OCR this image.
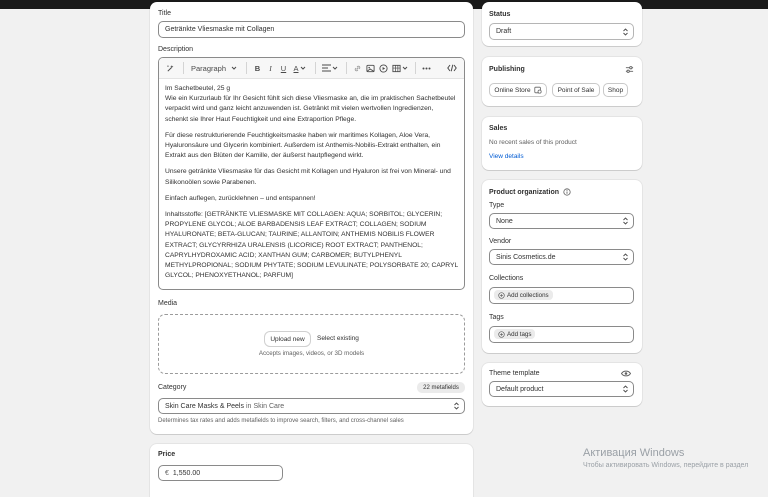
Title
Getränkte Vliesmaske mit Collagen
Description
Paragraph	B	I	U A

Im Sachetbeutel, 25 g
Wie ein Kurzurlaub für Ihr Gesicht fühlt sich diese Vliesmaske an, die im praktischen Sachetbeutel verpackt wird und ganz leicht anzuwenden ist. Getränkt mit vielen wertvollen Ingredienzen, schenkt sie Ihrer Haut Feuchtigkeit und eine Extraportion Pflege.

Für diese restrukturierende Feuchtigkeitsmaske haben wir maritimes Kollagen, Aloe Vera, Hyaluronsäure und Glycerin kombiniert. Außerdem ist Anthemis-Nobilis-Extrakt enthalten, ein Extrakt aus den Blüten der Kamille, der äußerst hautpflegend wirkt.

Unsere getränkte Vliesmaske für das Gesicht mit Kollagen und Hyaluron ist frei von Mineral- und Silikonoölen sowie Parabenen.

Einfach auflegen, zurücklehnen – und entspannen!

Inhaltsstoffe: [GETRÄNKTE VLIESMASKE MIT COLLAGEN: AQUA; SORBITOL; GLYCERIN; PROPYLENE GLYCOL; ALOE BARBADENSIS LEAF EXTRACT; COLLAGEN; SODIUM HYALURONATE; BETA-GLUCAN; TAURINE; ALLANTOIN; ANTHEMIS NOBILIS FLOWER EXTRACT; GLYCYRRHIZA URALENSIS (LICORICE) ROOT EXTRACT; PANTHENOL; CAPRYLHYDROXAMIC ACID; XANTHAN GUM; CARBOMER; BUTYLPHENYL METHYLPROPIONAL; SODIUM PHYTATE; SODIUM LEVULINATE; POLYSORBATE 20; CAPRYL GLYCOL; PHENOXYETHANOL; PARFUM]

Media
Upload new	Select existing
Accepts images, videos, or 3D models
Category	22 metafields
Skin Care Masks & Peels in Skin Care
Determines tax rates and adds metafields to improve search, filters, and cross-channel sales
Price
€ 1,550.00
Status
Draft
Publishing
Online Store	Point of Sale Shop
Sales
No recent sales of this product
View details
Product organization
Type
None
Vendor
Sinis Cosmetics.de
Collections
Add collections
Tags
Add tags
Theme template
Default product
Активация Windows
Чтобы активировать Windows, перейдите в раздел
